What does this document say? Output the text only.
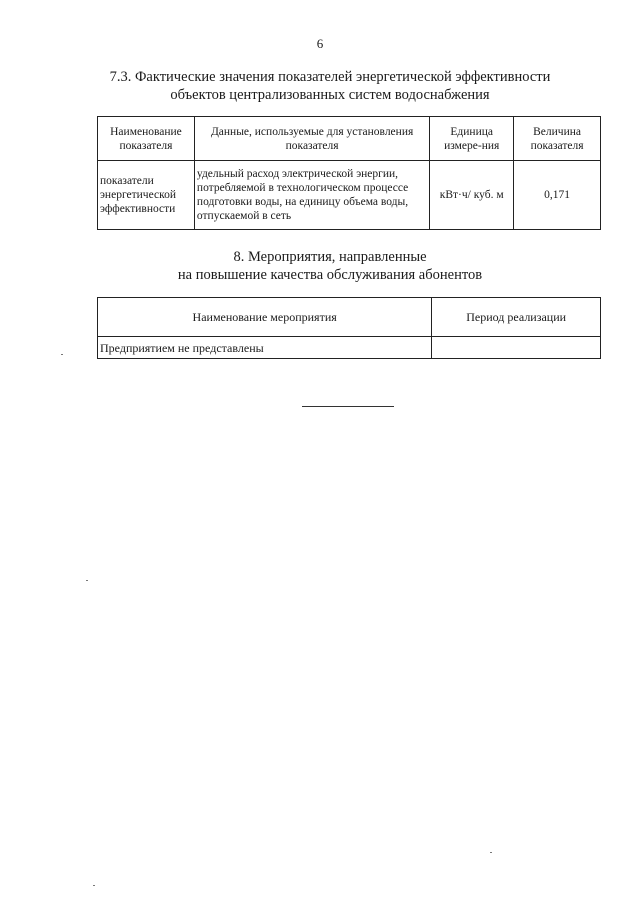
6
7.3. Фактические значения показателей энергетической эффективности
объектов централизованных систем водоснабжения
Наименование показателя	Данные, используемые для установления показателя	Единица измере-ния	Величина показателя
показатели энергетической эффективности	удельный расход электрической энергии, потребляемой в технологическом процессе подготовки воды, на единицу объема воды, отпускаемой в сеть	кВт·ч/ куб. м	0,171
8. Мероприятия, направленные
на повышение качества обслуживания абонентов
Наименование мероприятия	Период реализации
Предприятием не представлены	
